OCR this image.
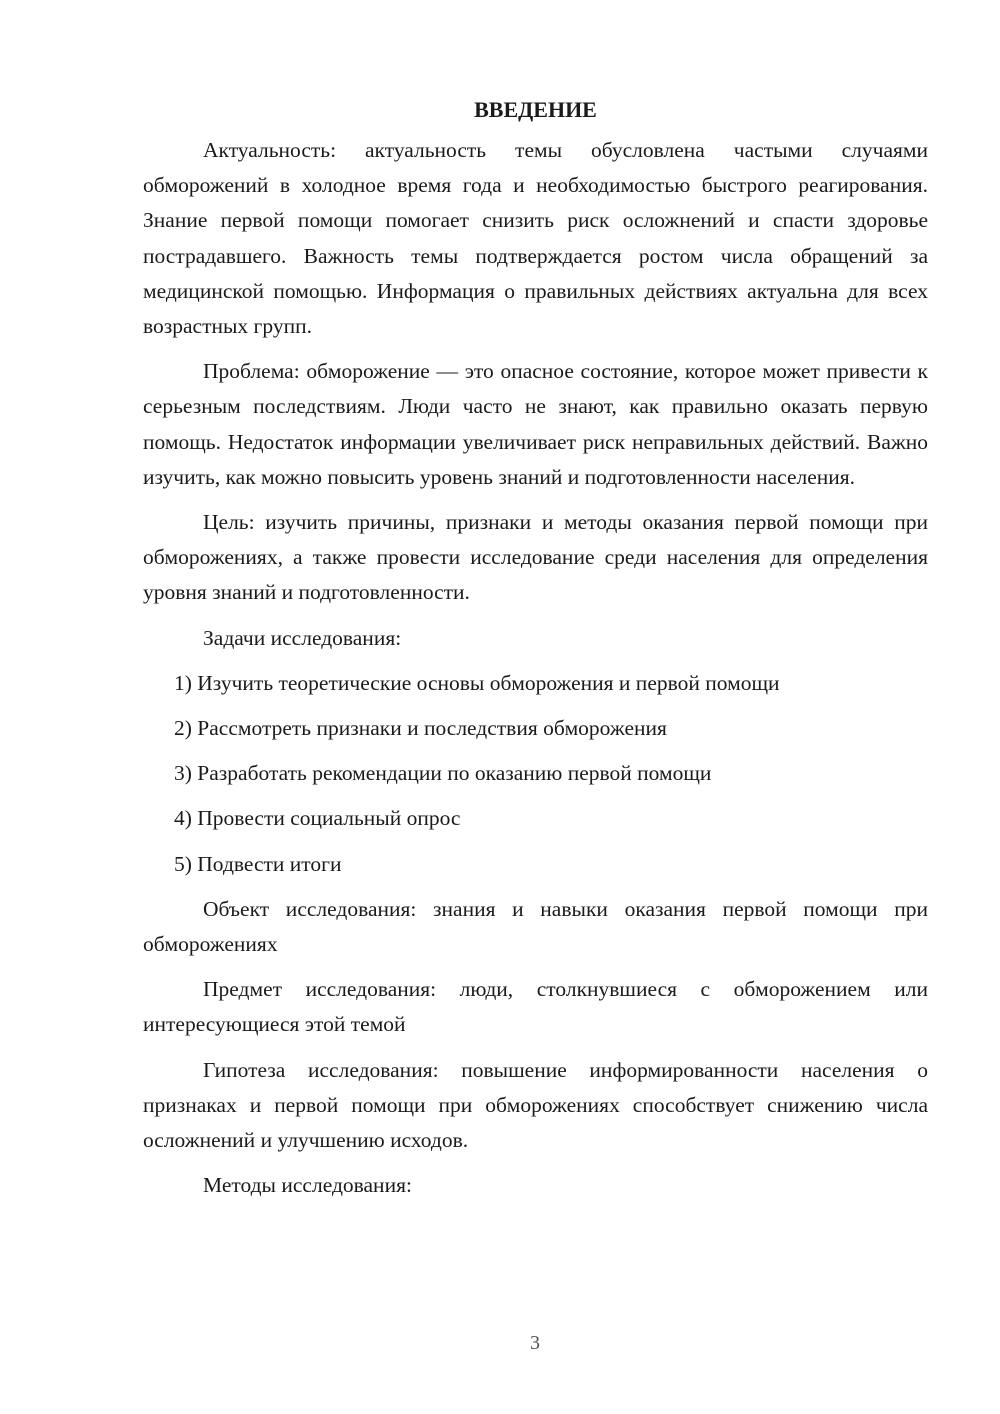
ВВЕДЕНИЕ

Актуальность: актуальность темы обусловлена частыми случаями обморожений в холодное время года и необходимостью быстрого реагирования. Знание первой помощи помогает снизить риск осложнений и спасти здоровье пострадавшего. Важность темы подтверждается ростом числа обращений за медицинской помощью. Информация о правильных действиях актуальна для всех возрастных групп.

Проблема: обморожение — это опасное состояние, которое может привести к серьезным последствиям. Люди часто не знают, как правильно оказать первую помощь. Недостаток информации увеличивает риск неправильных действий. Важно изучить, как можно повысить уровень знаний и подготовленности населения.

Цель: изучить причины, признаки и методы оказания первой помощи при обморожениях, а также провести исследование среди населения для определения уровня знаний и подготовленности.

Задачи исследования:

1) Изучить теоретические основы обморожения и первой помощи
2) Рассмотреть признаки и последствия обморожения
3) Разработать рекомендации по оказанию первой помощи
4) Провести социальный опрос
5) Подвести итоги

Объект исследования: знания и навыки оказания первой помощи при обморожениях

Предмет исследования: люди, столкнувшиеся с обморожением или интересующиеся этой темой

Гипотеза исследования: повышение информированности населения о признаках и первой помощи при обморожениях способствует снижению числа осложнений и улучшению исходов.

Методы исследования:

3
